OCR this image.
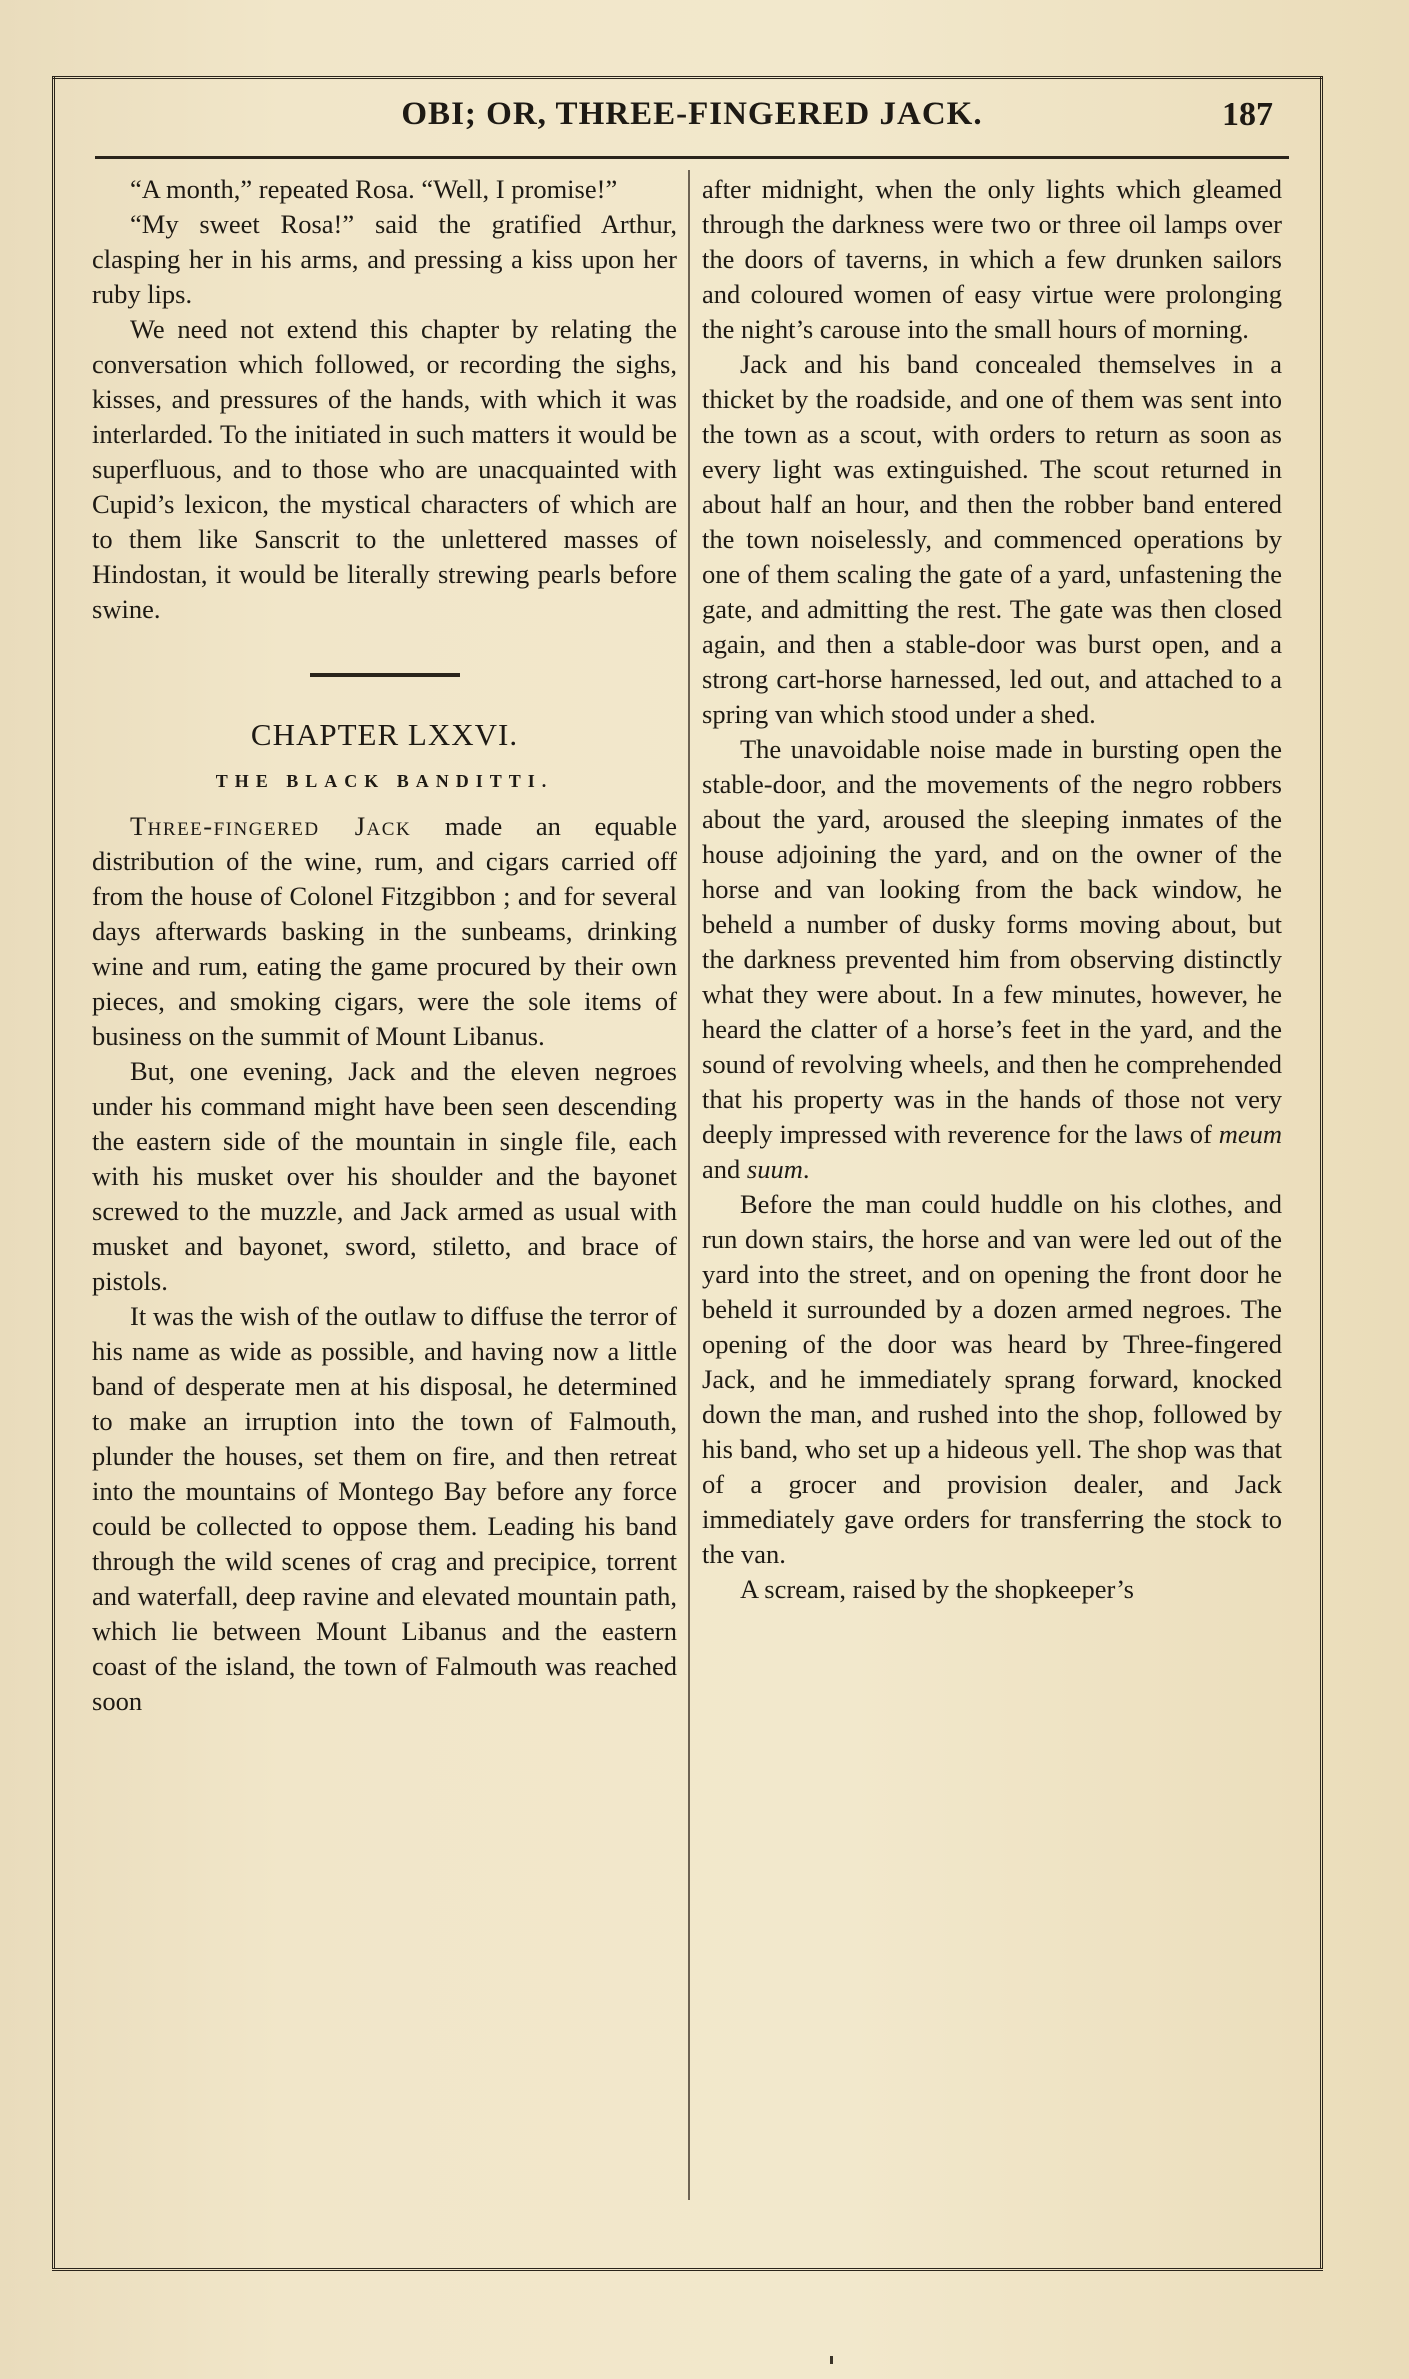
OBI; OR, THREE-FINGERED JACK.	187

“A month,” repeated Rosa. “Well, I promise!”

“My sweet Rosa!” said the gratified Arthur, clasping her in his arms, and pressing a kiss upon her ruby lips.

We need not extend this chapter by relating the conversation which followed, or recording the sighs, kisses, and pressures of the hands, with which it was interlarded. To the initiated in such matters it would be superfluous, and to those who are unacquainted with Cupid’s lexicon, the mystical characters of which are to them like Sanscrit to the unlettered masses of Hindostan, it would be literally strewing pearls before swine.

CHAPTER LXXVI.
THE BLACK BANDITTI.

Three-fingered Jack made an equable distribution of the wine, rum, and cigars carried off from the house of Colonel Fitzgibbon ; and for several days afterwards basking in the sunbeams, drinking wine and rum, eating the game procured by their own pieces, and smoking cigars, were the sole items of business on the summit of Mount Libanus.

But, one evening, Jack and the eleven negroes under his command might have been seen descending the eastern side of the mountain in single file, each with his musket over his shoulder and the bayonet screwed to the muzzle, and Jack armed as usual with musket and bayonet, sword, stiletto, and brace of pistols.

It was the wish of the outlaw to diffuse the terror of his name as wide as possible, and having now a little band of desperate men at his disposal, he determined to make an irruption into the town of Falmouth, plunder the houses, set them on fire, and then retreat into the mountains of Montego Bay before any force could be collected to oppose them. Leading his band through the wild scenes of crag and precipice, torrent and waterfall, deep ravine and elevated mountain path, which lie between Mount Libanus and the eastern coast of the island, the town of Falmouth was reached soon

after midnight, when the only lights which gleamed through the darkness were two or three oil lamps over the doors of taverns, in which a few drunken sailors and coloured women of easy virtue were prolonging the night’s carouse into the small hours of morning.

Jack and his band concealed themselves in a thicket by the roadside, and one of them was sent into the town as a scout, with orders to return as soon as every light was extinguished. The scout returned in about half an hour, and then the robber band entered the town noiselessly, and commenced operations by one of them scaling the gate of a yard, unfastening the gate, and admitting the rest. The gate was then closed again, and then a stable-door was burst open, and a strong cart-horse harnessed, led out, and attached to a spring van which stood under a shed.

The unavoidable noise made in bursting open the stable-door, and the movements of the negro robbers about the yard, aroused the sleeping inmates of the house adjoining the yard, and on the owner of the horse and van looking from the back window, he beheld a number of dusky forms moving about, but the darkness prevented him from observing distinctly what they were about. In a few minutes, however, he heard the clatter of a horse’s feet in the yard, and the sound of revolving wheels, and then he comprehended that his property was in the hands of those not very deeply impressed with reverence for the laws of meum and suum.

Before the man could huddle on his clothes, and run down stairs, the horse and van were led out of the yard into the street, and on opening the front door he beheld it surrounded by a dozen armed negroes. The opening of the door was heard by Three-fingered Jack, and he immediately sprang forward, knocked down the man, and rushed into the shop, followed by his band, who set up a hideous yell. The shop was that of a grocer and provision dealer, and Jack immediately gave orders for transferring the stock to the van.

A scream, raised by the shopkeeper’s
